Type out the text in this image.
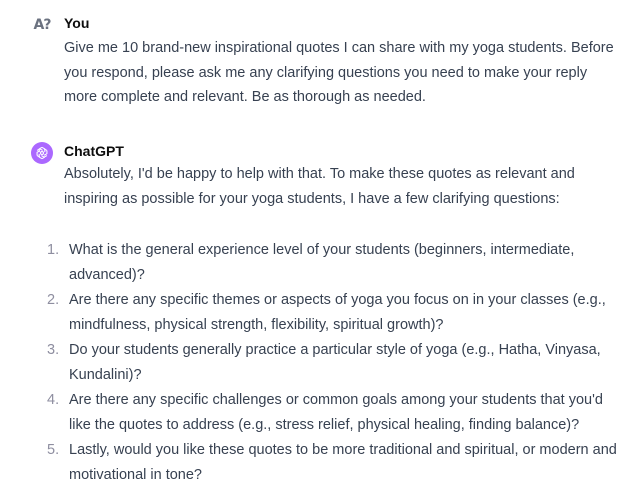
A? You
Give me 10 brand-new inspirational quotes I can share with my yoga students. Before you respond, please ask me any clarifying questions you need to make your reply more complete and relevant. Be as thorough as needed.
ChatGPT
Absolutely, I'd be happy to help with that. To make these quotes as relevant and inspiring as possible for your yoga students, I have a few clarifying questions:
1. What is the general experience level of your students (beginners, intermediate, advanced)?
2. Are there any specific themes or aspects of yoga you focus on in your classes (e.g., mindfulness, physical strength, flexibility, spiritual growth)?
3. Do your students generally practice a particular style of yoga (e.g., Hatha, Vinyasa, Kundalini)?
4. Are there any specific challenges or common goals among your students that you'd like the quotes to address (e.g., stress relief, physical healing, finding balance)?
5. Lastly, would you like these quotes to be more traditional and spiritual, or modern and motivational in tone?
